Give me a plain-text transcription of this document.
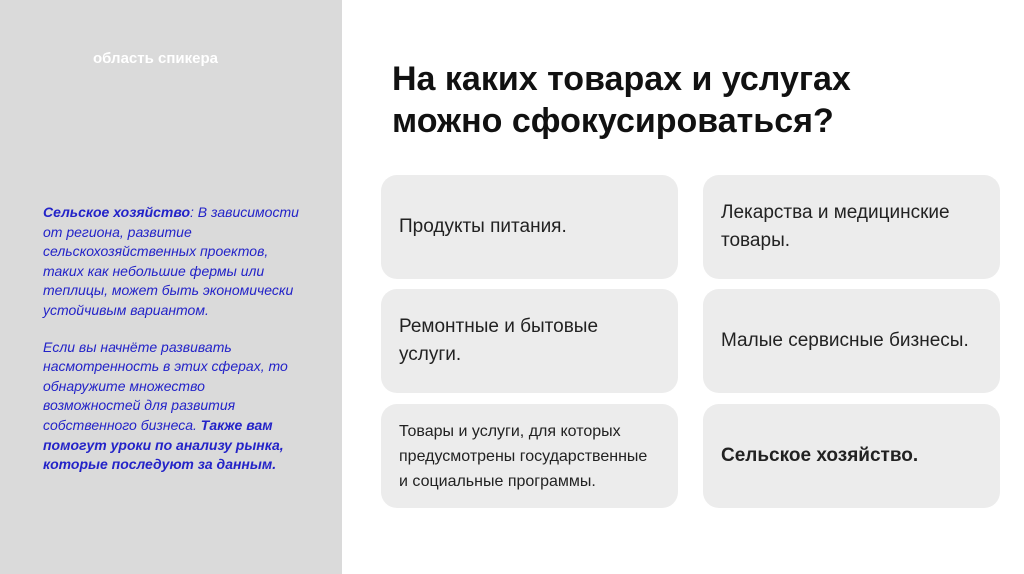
область спикера

Сельское хозяйство: В зависимости от региона, развитие сельскохозяйственных проектов, таких как небольшие фермы или теплицы, может быть экономически устойчивым вариантом.

Если вы начнёте развивать насмотренность в этих сферах, то обнаружите множество возможностей для развития собственного бизнеса. Также вам помогут уроки по анализу рынка, которые последуют за данным.

На каких товарах и услугах можно сфокусироваться?
Продукты питания.
Лекарства и медицинские товары.
Ремонтные и бытовые услуги.
Малые сервисные бизнесы.
Товары и услуги, для которых предусмотрены государственные и социальные программы.
Сельское хозяйство.
